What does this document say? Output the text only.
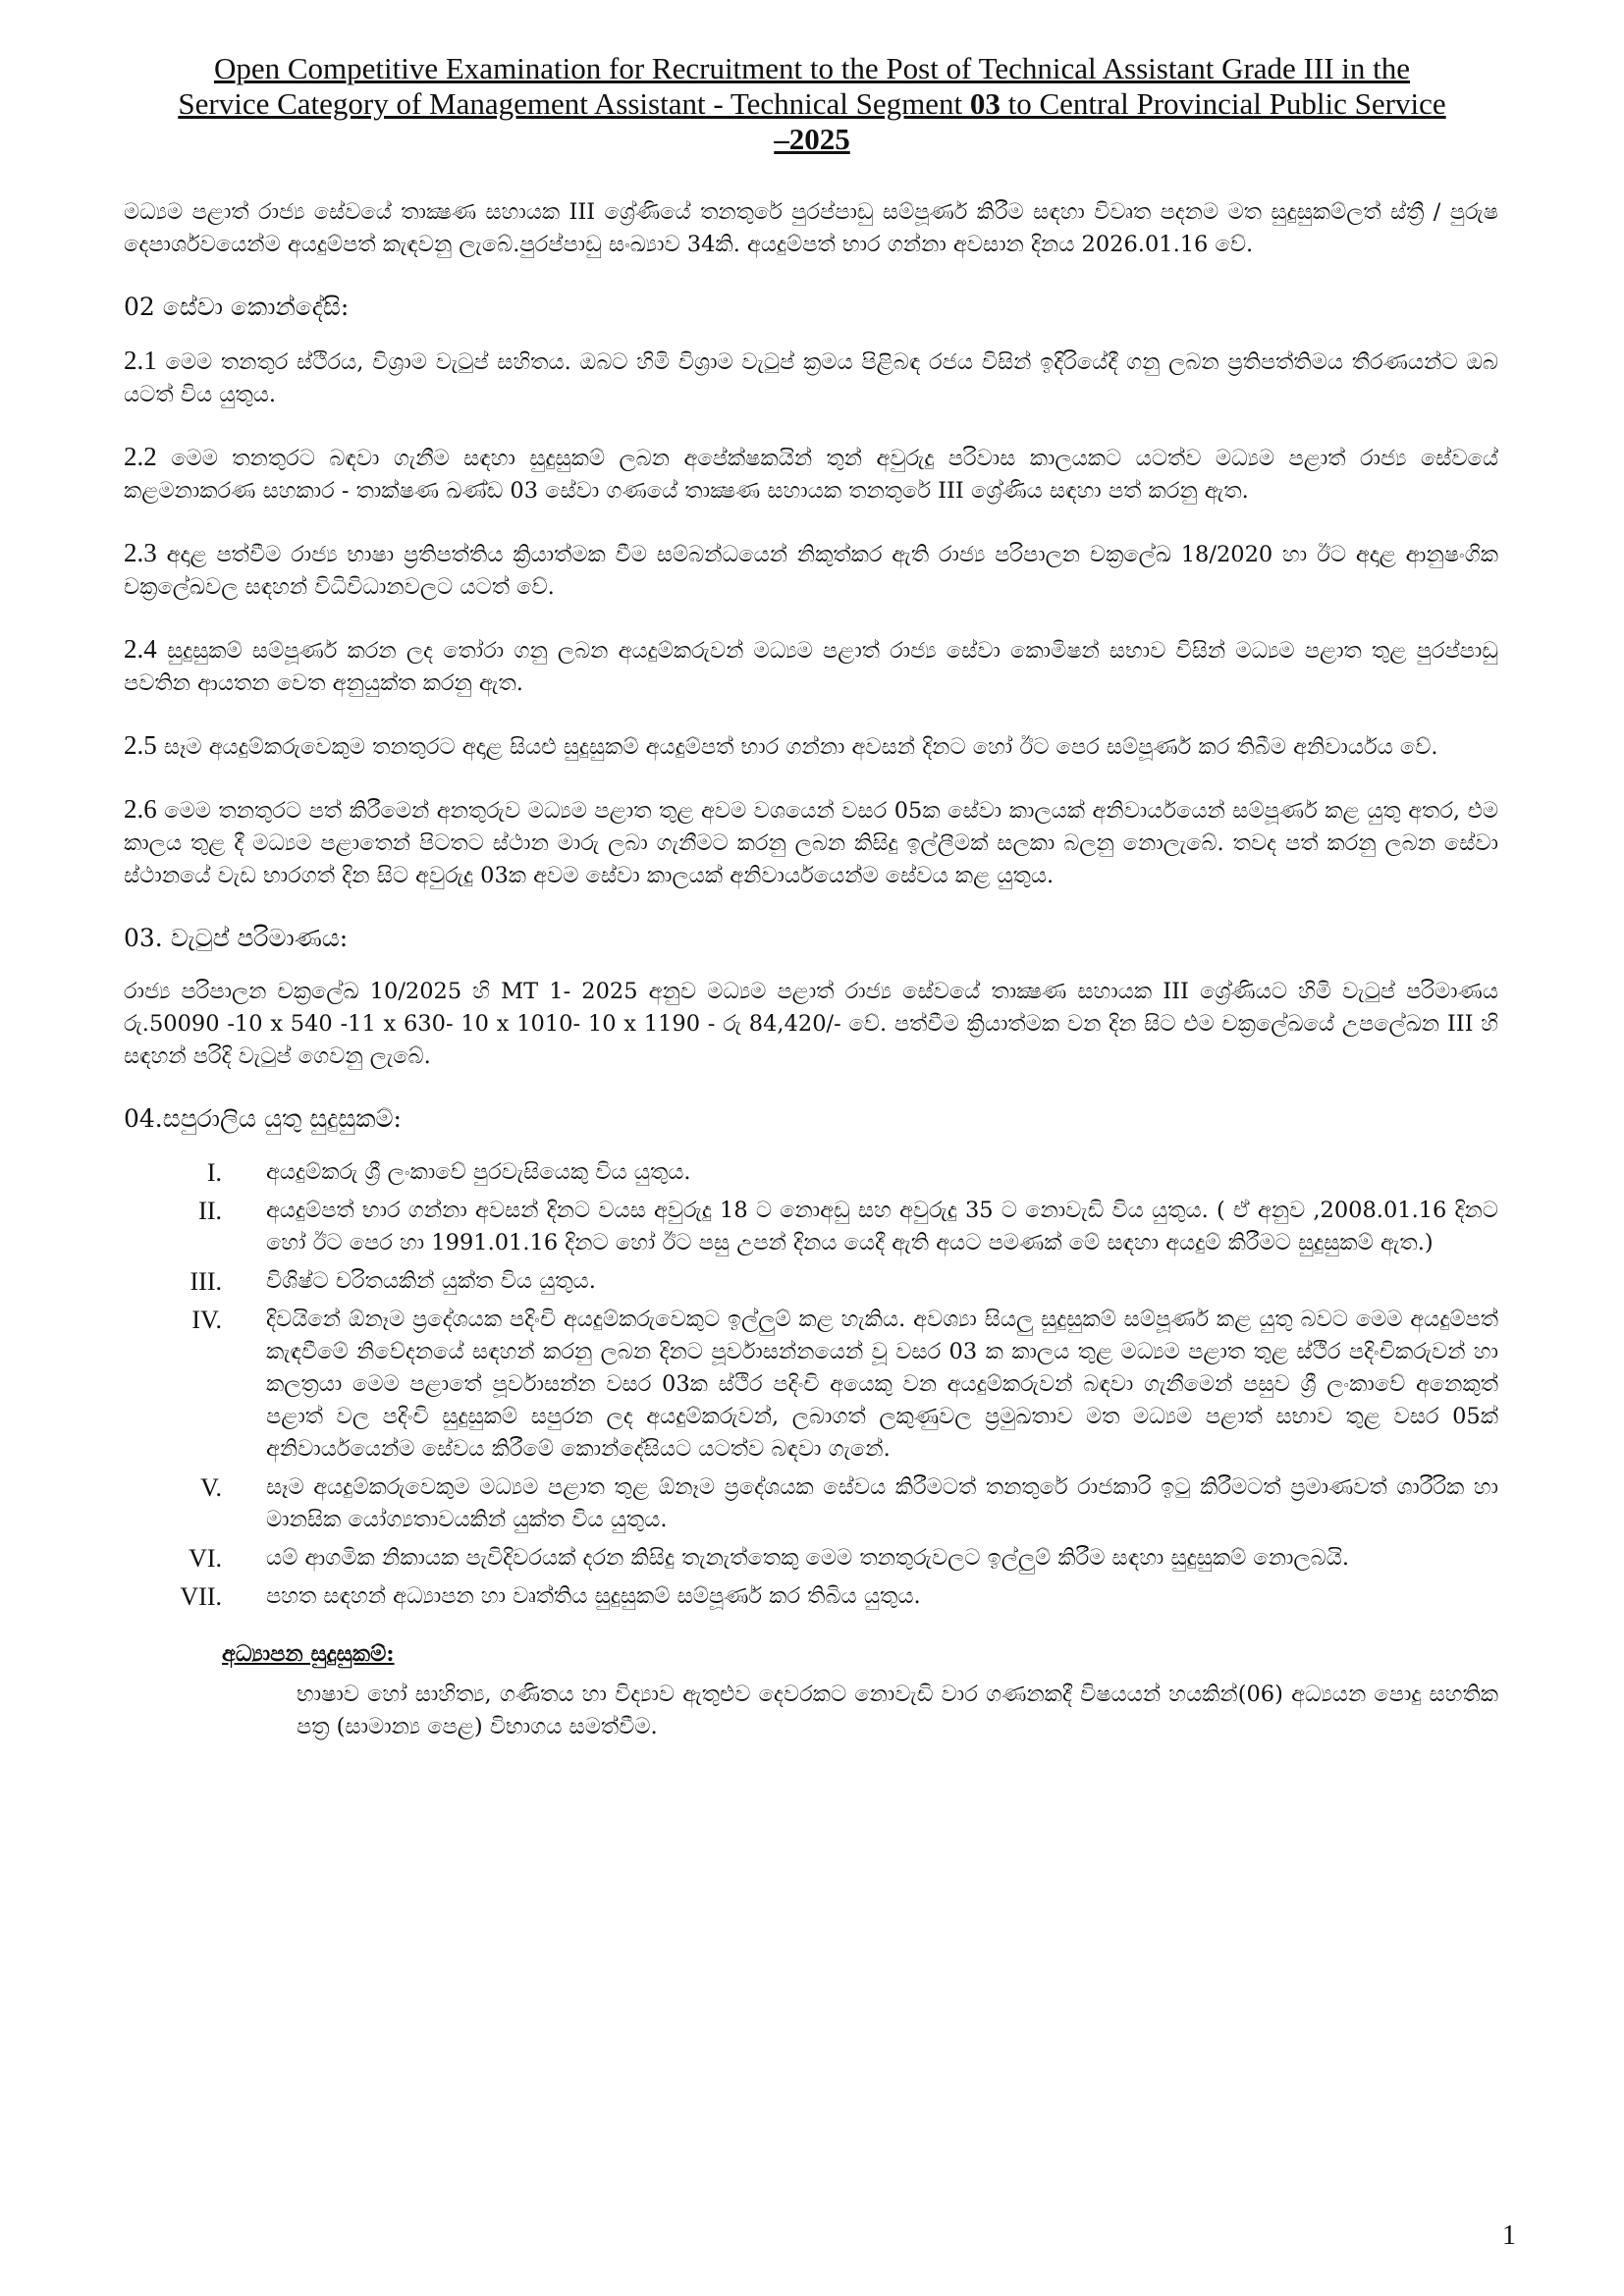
Open Competitive Examination for Recruitment to the Post of Technical Assistant Grade III in the
Service Category of Management Assistant - Technical Segment 03 to Central Provincial Public Service
–2025

මධ්‍යම පළාත් රාජ්‍ය සේවයේ තාක්‍ෂණ සහායක III ශ්‍රේණියේ තනතුරේ පුරප්පාඩු සම්පූර්ණ කිරීම සඳහා විවෘත පදනම මත සුදුසුකම්ලත් ස්ත්‍රී / පුරුෂ දෙපාර්ශවයෙන්ම අයදුම්පත් කැඳවනු ලැබේ.පුරප්පාඩු සංඛ්‍යාව 34කි. අයදුම්පත් භාර ගන්නා අවසාන දිනය 2026.01.16 වේ.

02 සේවා කොන්දේසි:

2.1 මෙම තනතුර ස්ථිරය, විශ්‍රාම වැටුප් සහිතය. ඔබට හිමි විශ්‍රාම වැටුප් ක්‍රමය පිළිබඳ රජය විසින් ඉදිරියේදී ගනු ලබන ප්‍රතිපත්තිමය තීරණයන්ට ඔබ යටත් විය යුතුය.

2.2 මෙම තනතුරට බඳවා ගැනීම සඳහා සුදුසුකම් ලබන අපේක්ෂකයින් තුන් අවුරුදු පරිවාස කාලයකට යටත්ව මධ්‍යම පළාත් රාජ්‍ය සේවයේ කළමනාකරණ සහකාර - තාක්ෂණ ඛණ්ඩ 03 සේවා ගණයේ තාක්‍ෂණ සහායක තනතුරේ III ශ්‍රේණිය සඳහා පත් කරනු ඇත.

2.3 අදාළ පත්වීම රාජ්‍ය භාෂා ප්‍රතිපත්තිය ක්‍රියාත්මක වීම සම්බන්ධයෙන් නිකුත්කර ඇති රාජ්‍ය පරිපාලන චක්‍රලේඛ 18/2020 හා ඊට අදාළ ආනුෂංගික චක්‍රලේඛවල සඳහන් විධිවිධානවලට යටත් වේ.

2.4 සුදුසුකම් සම්පූර්ණ කරන ලද තෝරා ගනු ලබන අයදුම්කරුවන් මධ්‍යම පළාත් රාජ්‍ය සේවා කොමිෂන් සභාව විසින් මධ්‍යම පළාත තුළ පුරප්පාඩු පවතින ආයතන වෙත අනුයුක්ත කරනු ඇත.

2.5 සෑම අයදුම්කරුවෙකුම තනතුරට අදාළ සියළු සුදුසුකම් අයදුම්පත් භාර ගන්නා අවසන් දිනට හෝ ඊට පෙර සම්පූර්ණ කර තිබීම අනිවාර්යය වේ.

2.6 මෙම තනතුරට පත් කිරීමෙන් අනතුරුව මධ්‍යම පළාත තුළ අවම වශයෙන් වසර 05ක සේවා කාලයක් අනිවාර්යයෙන් සම්පූර්ණ කළ යුතු අතර, එම කාලය තුළ දී මධ්‍යම පළාතෙන් පිටතට ස්ථාන මාරු ලබා ගැනීමට කරනු ලබන කිසිදු ඉල්ලීමක් සලකා බලනු නොලැබේ. තවද පත් කරනු ලබන සේවා ස්ථානයේ වැඩ භාරගත් දින සිට අවුරුදු 03ක අවම සේවා කාලයක් අනිවාර්යයෙන්ම සේවය කළ යුතුය.

03. වැටුප් පරිමාණය:

රාජ්‍ය පරිපාලන චක්‍රලේඛ 10/2025 හි MT 1- 2025 අනුව මධ්‍යම පළාත් රාජ්‍ය සේවයේ තාක්‍ෂණ සහායක III ශ්‍රේණියට හිමි වැටුප් පරිමාණය රු.50090 -10 x 540 -11 x 630- 10 x 1010- 10 x 1190 - රු 84,420/- වේ. පත්වීම ක්‍රියාත්මක වන දින සිට එම චක්‍රලේඛයේ උපලේඛන III හි සඳහන් පරිදි වැටුප් ගෙවනු ලැබේ.

04.සපුරාලිය යුතු සුදුසුකම්:

I.	අයදුම්කරු ශ්‍රී ලංකාවේ පුරවැසියෙකු විය යුතුය.
II.	අයදුම්පත් භාර ගන්නා අවසන් දිනට වයස අවුරුදු 18 ට නොඅඩු සහ අවුරුදු 35 ට නොවැඩි විය යුතුය. ( ඒ අනුව ,2008.01.16 දිනට හෝ ඊට පෙර හා 1991.01.16 දිනට හෝ ඊට පසු උපන් දිනය යෙදී ඇති අයට පමණක් මේ සඳහා අයදුම් කිරීමට සුදුසුකම් ඇත.)
III.	විශිෂ්ට චරිතයකින් යුක්ත විය යුතුය.
IV.	දිවයිනේ ඕනෑම ප්‍රදේශයක පදිංචි අයදුම්කරුවෙකුට ඉල්ලුම් කළ හැකිය. අවශ්‍යා සියලු සුදුසුකම් සම්පූර්ණ කළ යුතු බවට මෙම අයදුම්පත් කැඳවීමේ නිවේදනයේ සඳහන් කරනු ලබන දිනට පූර්වාසන්නයෙන් වූ වසර 03 ක කාලය තුළ මධ්‍යම පළාත තුළ ස්ථිර පදිංචිකරුවන් හා කලත්‍රයා මෙම පළාතේ පූර්වාසන්න වසර 03ක ස්ථිර පදිංචි අයෙකු වන අයදුම්කරුවන් බඳවා ගැනීමෙන් පසුව ශ්‍රී ලංකාවේ අනෙකුත් පළාත් වල පදිංචි සුදුසුකම් සපුරන ලද අයදුම්කරුවන්, ලබාගත් ලකුණුවල ප්‍රමුඛතාව මත මධ්‍යම පළාත් සභාව තුළ වසර 05ක් අනිවාර්යයෙන්ම සේවය කිරීමේ කොන්දේසියට යටත්ව බඳවා ගැනේ.
V.	සෑම අයදුම්කරුවෙකුම මධ්‍යම පළාත තුළ ඕනෑම ප්‍රදේශයක සේවය කිරීමටත් තනතුරේ රාජකාරි ඉටු කිරීමටත් ප්‍රමාණවත් ශාරීරික හා මානසික යෝග්‍යතාවයකින් යුක්ත විය යුතුය.
VI.	යම් ආගමික නිකායක පැවිදිවරයක් දරන කිසිදු තැනැත්තෙකු මෙම තනතුරුවලට ඉල්ලුම් කිරීම සඳහා සුදුසුකම් නොලබයි.
VII.	පහත සඳහන් අධ්‍යාපන හා වෘත්තිය සුදුසුකම් සම්පූර්ණ කර තිබිය යුතුය.
අධ්‍යාපන සුදුසුකම්:
භාෂාව හෝ සාහිත්‍ය, ගණිතය හා විද්‍යාව ඇතුළුව දෙවරකට නොවැඩි වාර ගණනකදී විෂයයන් හයකින්(06) අධ්‍යයන පොදු සහතික පත්‍ර (සාමාන්‍ය පෙළ) විභාගය සමත්වීම.
1
